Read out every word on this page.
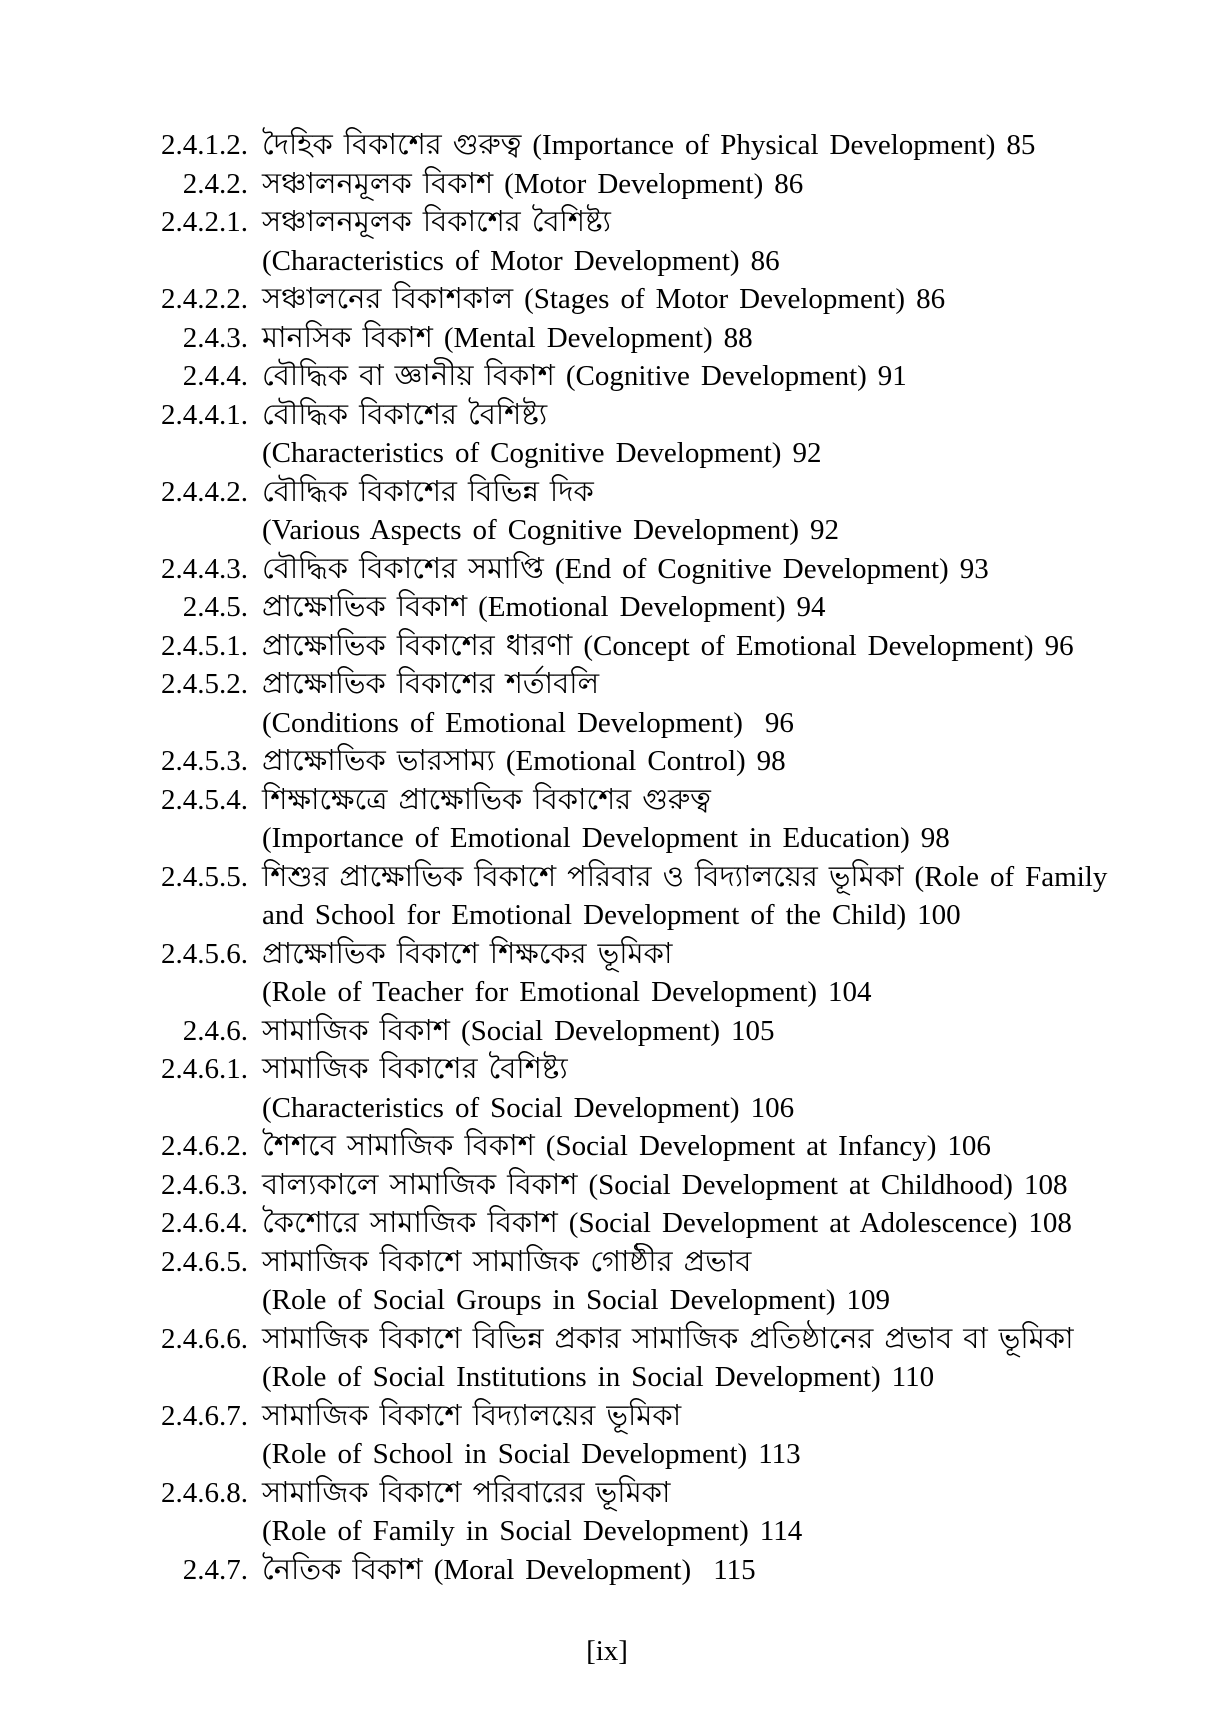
2.4.1.2. দৈহিক বিকাশের গুরুত্ব (Importance of Physical Development) 85
2.4.2. সঞ্চালনমূলক বিকাশ (Motor Development) 86
2.4.2.1. সঞ্চালনমূলক বিকাশের বৈশিষ্ট্য
(Characteristics of Motor Development) 86
2.4.2.2. সঞ্চালনের বিকাশকাল (Stages of Motor Development) 86
2.4.3. মানসিক বিকাশ (Mental Development) 88
2.4.4. বৌদ্ধিক বা জ্ঞানীয় বিকাশ (Cognitive Development) 91
2.4.4.1. বৌদ্ধিক বিকাশের বৈশিষ্ট্য
(Characteristics of Cognitive Development) 92
2.4.4.2. বৌদ্ধিক বিকাশের বিভিন্ন দিক
(Various Aspects of Cognitive Development) 92
2.4.4.3. বৌদ্ধিক বিকাশের সমাপ্তি (End of Cognitive Development) 93
2.4.5. প্রাক্ষোভিক বিকাশ (Emotional Development) 94
2.4.5.1. প্রাক্ষোভিক বিকাশের ধারণা (Concept of Emotional Development) 96
2.4.5.2. প্রাক্ষোভিক বিকাশের শর্তাবলি
(Conditions of Emotional Development)  96
2.4.5.3. প্রাক্ষোভিক ভারসাম্য (Emotional Control) 98
2.4.5.4. শিক্ষাক্ষেত্রে প্রাক্ষোভিক বিকাশের গুরুত্ব
(Importance of Emotional Development in Education) 98
2.4.5.5. শিশুর প্রাক্ষোভিক বিকাশে পরিবার ও বিদ্যালয়ের ভূমিকা (Role of Family
and School for Emotional Development of the Child) 100
2.4.5.6. প্রাক্ষোভিক বিকাশে শিক্ষকের ভূমিকা
(Role of Teacher for Emotional Development) 104
2.4.6. সামাজিক বিকাশ (Social Development) 105
2.4.6.1. সামাজিক বিকাশের বৈশিষ্ট্য
(Characteristics of Social Development) 106
2.4.6.2. শৈশবে সামাজিক বিকাশ (Social Development at Infancy) 106
2.4.6.3. বাল্যকালে সামাজিক বিকাশ (Social Development at Childhood) 108
2.4.6.4. কৈশোরে সামাজিক বিকাশ (Social Development at Adolescence) 108
2.4.6.5. সামাজিক বিকাশে সামাজিক গোষ্ঠীর প্রভাব
(Role of Social Groups in Social Development) 109
2.4.6.6. সামাজিক বিকাশে বিভিন্ন প্রকার সামাজিক প্রতিষ্ঠানের প্রভাব বা ভূমিকা
(Role of Social Institutions in Social Development) 110
2.4.6.7. সামাজিক বিকাশে বিদ্যালয়ের ভূমিকা
(Role of School in Social Development) 113
2.4.6.8. সামাজিক বিকাশে পরিবারের ভূমিকা
(Role of Family in Social Development) 114
2.4.7. নৈতিক বিকাশ (Moral Development)  115
[ix]
